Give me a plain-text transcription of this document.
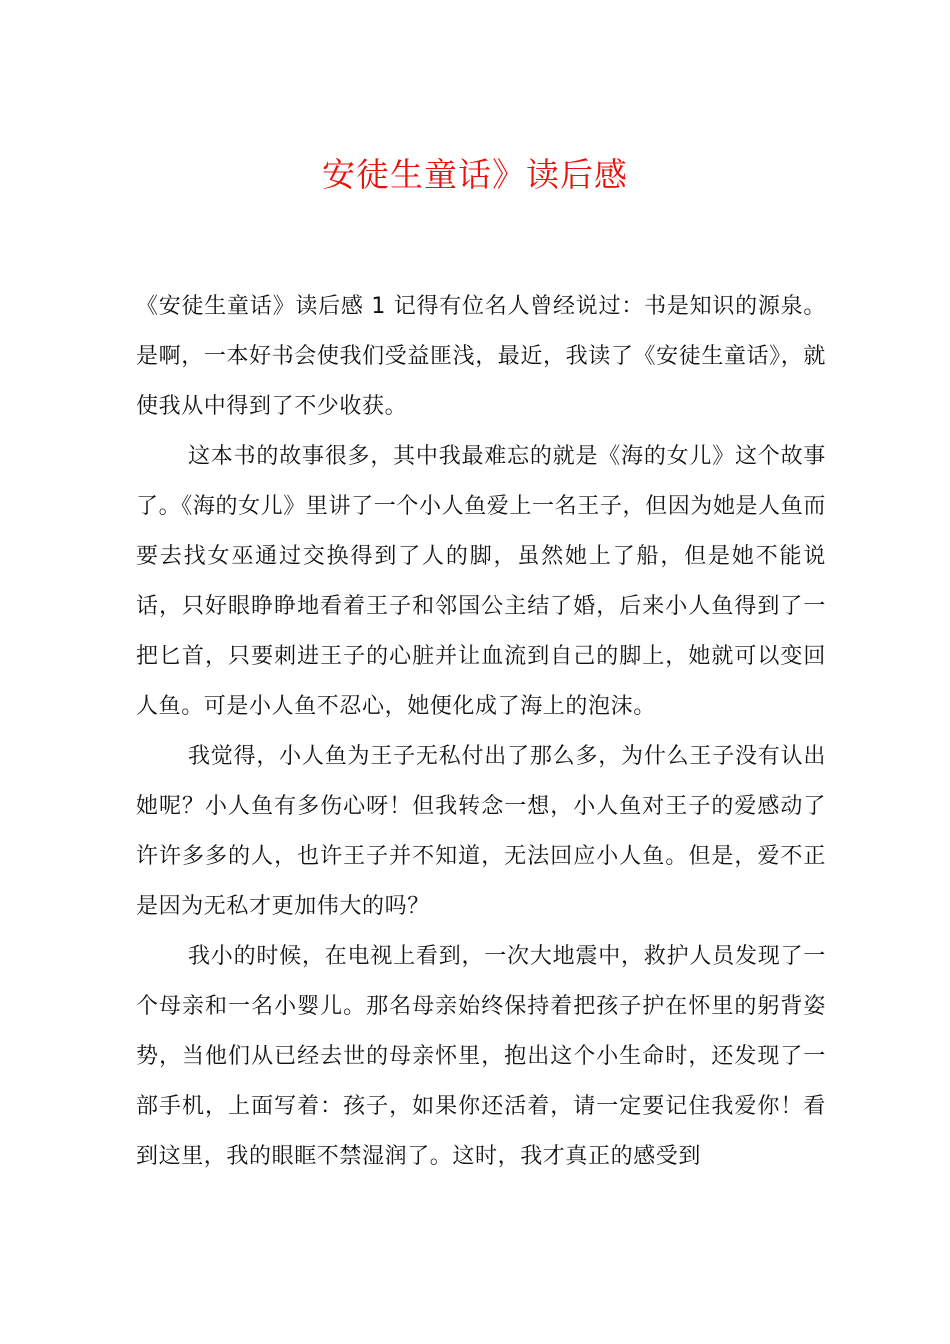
安徒生童话》读后感

《安徒生童话》读后感 1 记得有位名人曾经说过：书是知识的源泉。是啊，一本好书会使我们受益匪浅，最近，我读了《安徒生童话》，就使我从中得到了不少收获。

这本书的故事很多，其中我最难忘的就是《海的女儿》这个故事了。《海的女儿》里讲了一个小人鱼爱上一名王子，但因为她是人鱼而要去找女巫通过交换得到了人的脚，虽然她上了船，但是她不能说话，只好眼睁睁地看着王子和邻国公主结了婚，后来小人鱼得到了一把匕首，只要刺进王子的心脏并让血流到自己的脚上，她就可以变回人鱼。可是小人鱼不忍心，她便化成了海上的泡沫。

我觉得，小人鱼为王子无私付出了那么多，为什么王子没有认出她呢？小人鱼有多伤心呀！但我转念一想，小人鱼对王子的爱感动了许许多多的人，也许王子并不知道，无法回应小人鱼。但是，爱不正是因为无私才更加伟大的吗？

我小的时候，在电视上看到，一次大地震中，救护人员发现了一个母亲和一名小婴儿。那名母亲始终保持着把孩子护在怀里的躬背姿势，当他们从已经去世的母亲怀里，抱出这个小生命时，还发现了一部手机，上面写着：孩子，如果你还活着，请一定要记住我爱你！看到这里，我的眼眶不禁湿润了。这时，我才真正的感受到
